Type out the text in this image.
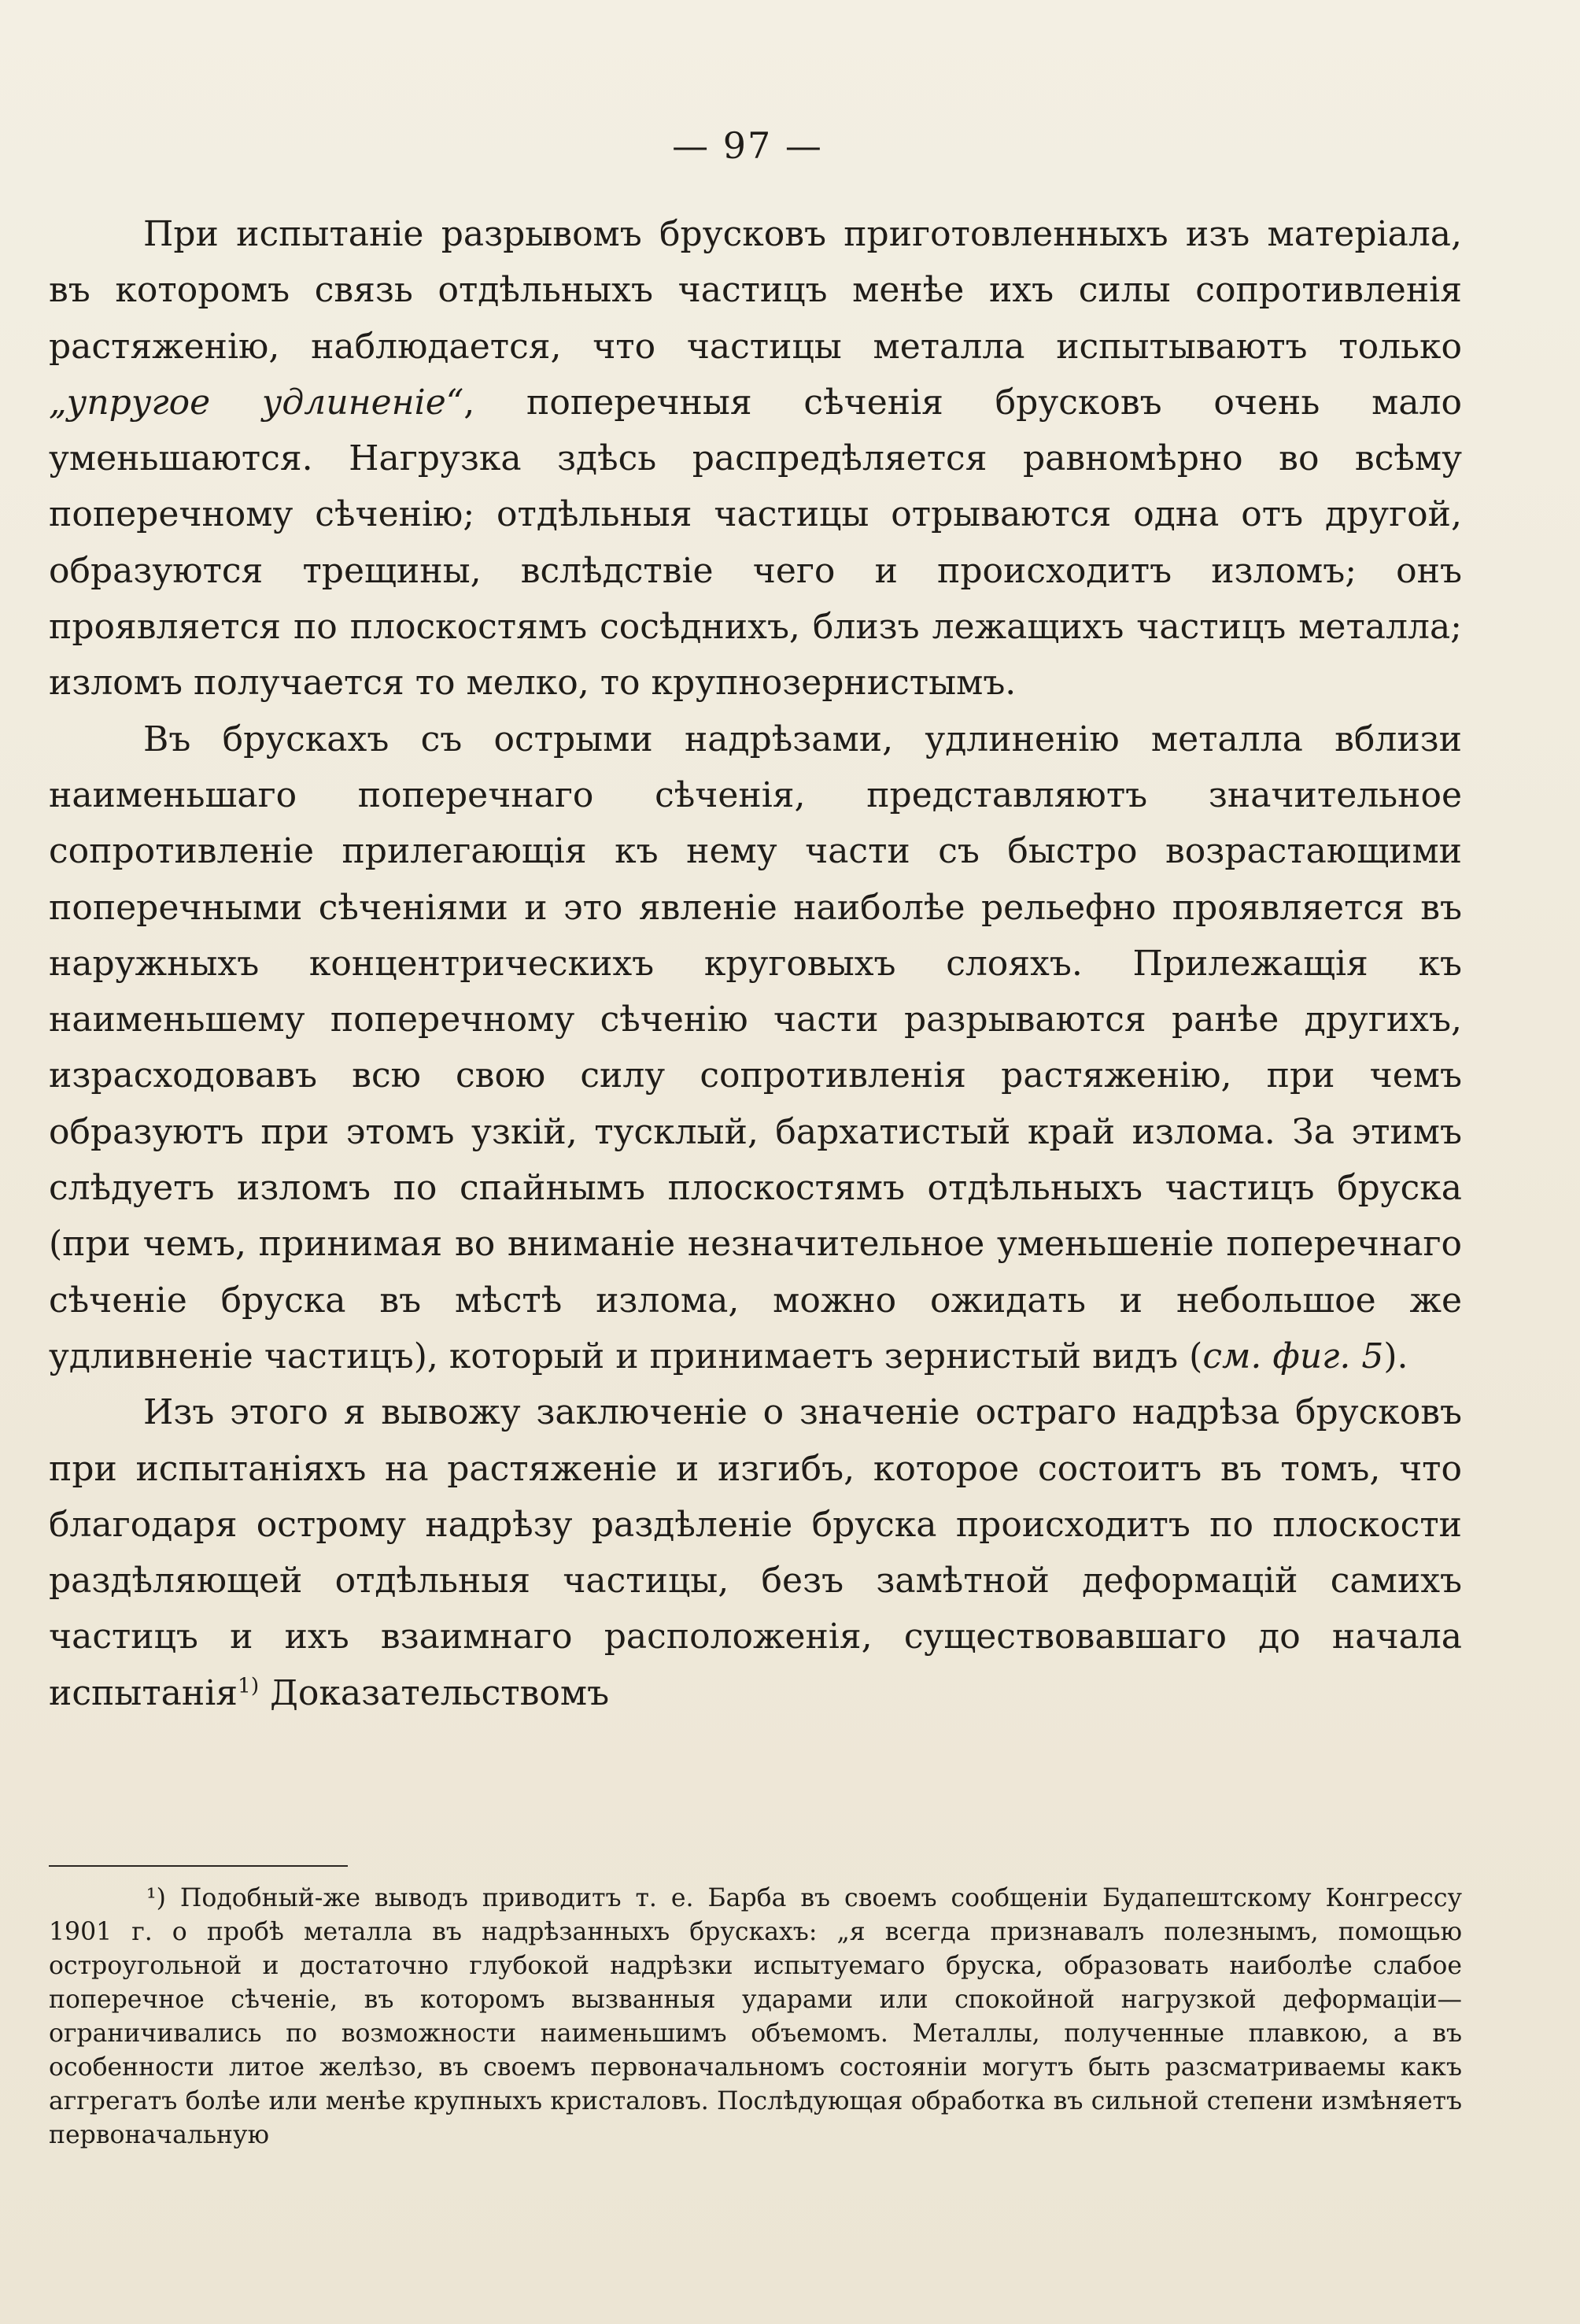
— 97 —

При испытаніе разрывомъ брусковъ приготовленныхъ изъ матеріала, въ которомъ связь отдѣльныхъ частицъ менѣе ихъ силы сопротивленія растяженію, наблюдается, что частицы металла испытываютъ только „упругое удлиненіе“, поперечныя сѣченія брусковъ очень мало уменьшаются. Нагрузка здѣсь распредѣляется равномѣрно во всѣму поперечному сѣченію; отдѣльныя частицы отрываются одна отъ другой, образуются трещины, вслѣдствіе чего и происходитъ изломъ; онъ проявляется по плоскостямъ сосѣднихъ, близъ лежащихъ частицъ металла; изломъ получается то мелко, то крупнозернистымъ.

Въ брускахъ съ острыми надрѣзами, удлиненію металла вблизи наименьшаго поперечнаго сѣченія, представляютъ значительное сопротивленіе прилегающія къ нему части съ быстро возрастающими поперечными сѣченіями и это явленіе наиболѣе рельефно проявляется въ наружныхъ концентрическихъ круговыхъ слояхъ. Прилежащія къ наименьшему поперечному сѣченію части разрываются ранѣе другихъ, израсходовавъ всю свою силу сопротивленія растяженію, при чемъ образуютъ при этомъ узкій, тусклый, бархатистый край излома. За этимъ слѣдуетъ изломъ по спайнымъ плоскостямъ отдѣльныхъ частицъ бруска (при чемъ, принимая во вниманіе незначительное уменьшеніе поперечнаго сѣченіе бруска въ мѣстѣ излома, можно ожидать и небольшое же удливненіе частицъ), который и принимаетъ зернистый видъ (см. фиг. 5).

Изъ этого я вывожу заключеніе о значеніе остраго надрѣза брусковъ при испытаніяхъ на растяженіе и изгибъ, которое состоитъ въ томъ, что благодаря острому надрѣзу раздѣленіе бруска происходитъ по плоскости раздѣляющей отдѣльныя частицы, безъ замѣтной деформацій самихъ частицъ и ихъ взаимнаго расположенія, существовавшаго до начала испытанія$^{1)}$ Доказательствомъ

¹) Подобный-же выводъ приводитъ т. е. Барба въ своемъ сообщеніи Будапештскому Конгрессу 1901 г. о пробѣ металла въ надрѣзанныхъ брускахъ: „я всегда признавалъ полезнымъ, помощью остроугольной и достаточно глубокой надрѣзки испытуемаго бруска, образовать наиболѣе слабое поперечное сѣченіе, въ которомъ вызванныя ударами или спокойной нагрузкой деформаціи—ограничивались по возможности наименьшимъ объемомъ. Металлы, полученные плавкою, а въ особенности литое желѣзо, въ своемъ первоначальномъ состояніи могутъ быть разсматриваемы какъ аггрегатъ болѣе или менѣе крупныхъ кристаловъ. Послѣдующая обработка въ сильной степени измѣняетъ первоначальную
